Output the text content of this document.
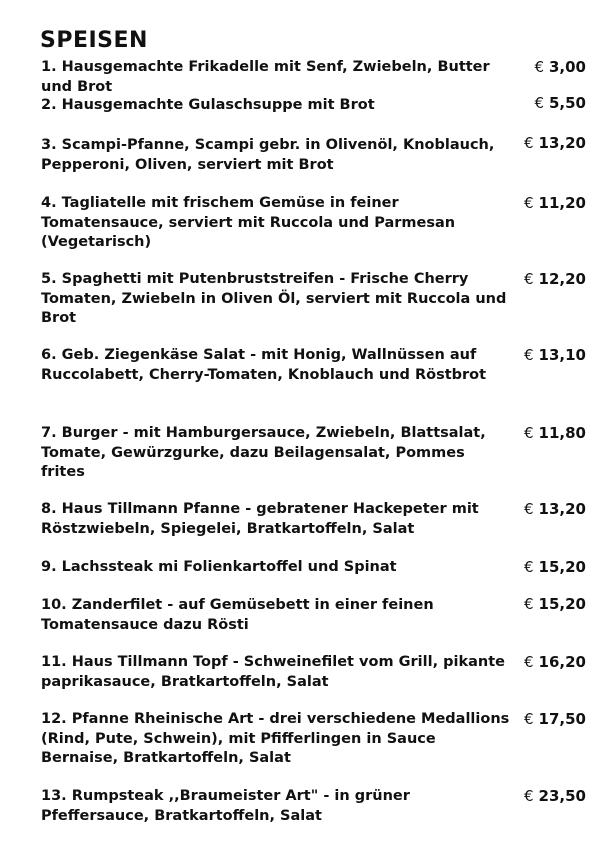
SPEISEN
1. Hausgemachte Frikadelle mit Senf, Zwiebeln, Butter und Brot
€ 3,00
2. Hausgemachte Gulaschsuppe mit Brot	€ 5,50
3. Scampi-Pfanne, Scampi gebr. in Olivenöl, Knoblauch, Pepperoni, Oliven, serviert mit Brot
€ 13,20
4. Tagliatelle mit frischem Gemüse in feiner Tomatensauce, serviert mit Ruccola und Parmesan (Vegetarisch)
€ 11,20
5. Spaghetti mit Putenbruststreifen - Frische Cherry Tomaten, Zwiebeln in Oliven Öl, serviert mit Ruccola und Brot
€ 12,20
6. Geb. Ziegenkäse Salat - mit Honig, Wallnüssen auf Ruccolabett, Cherry-Tomaten, Knoblauch und Röstbrot
€ 13,10
7. Burger - mit Hamburgersauce, Zwiebeln, Blattsalat, Tomate, Gewürzgurke, dazu Beilagensalat, Pommes frites
€ 11,80
8. Haus Tillmann Pfanne - gebratener Hackepeter mit Röstzwiebeln, Spiegelei, Bratkartoffeln, Salat
€ 13,20
9. Lachssteak mi Folienkartoffel und Spinat	€ 15,20
10. Zanderfilet - auf Gemüsebett in einer feinen Tomatensauce dazu Rösti
€ 15,20
11. Haus Tillmann Topf - Schweinefilet vom Grill, pikante paprikasauce, Bratkartoffeln, Salat
€ 16,20
12. Pfanne Rheinische Art - drei verschiedene Medallions (Rind, Pute, Schwein), mit Pfifferlingen in Sauce Bernaise, Bratkartoffeln, Salat
€ 17,50
13. Rumpsteak ,,Braumeister Art" - in grüner Pfeffersauce, Bratkartoffeln, Salat
€ 23,50
